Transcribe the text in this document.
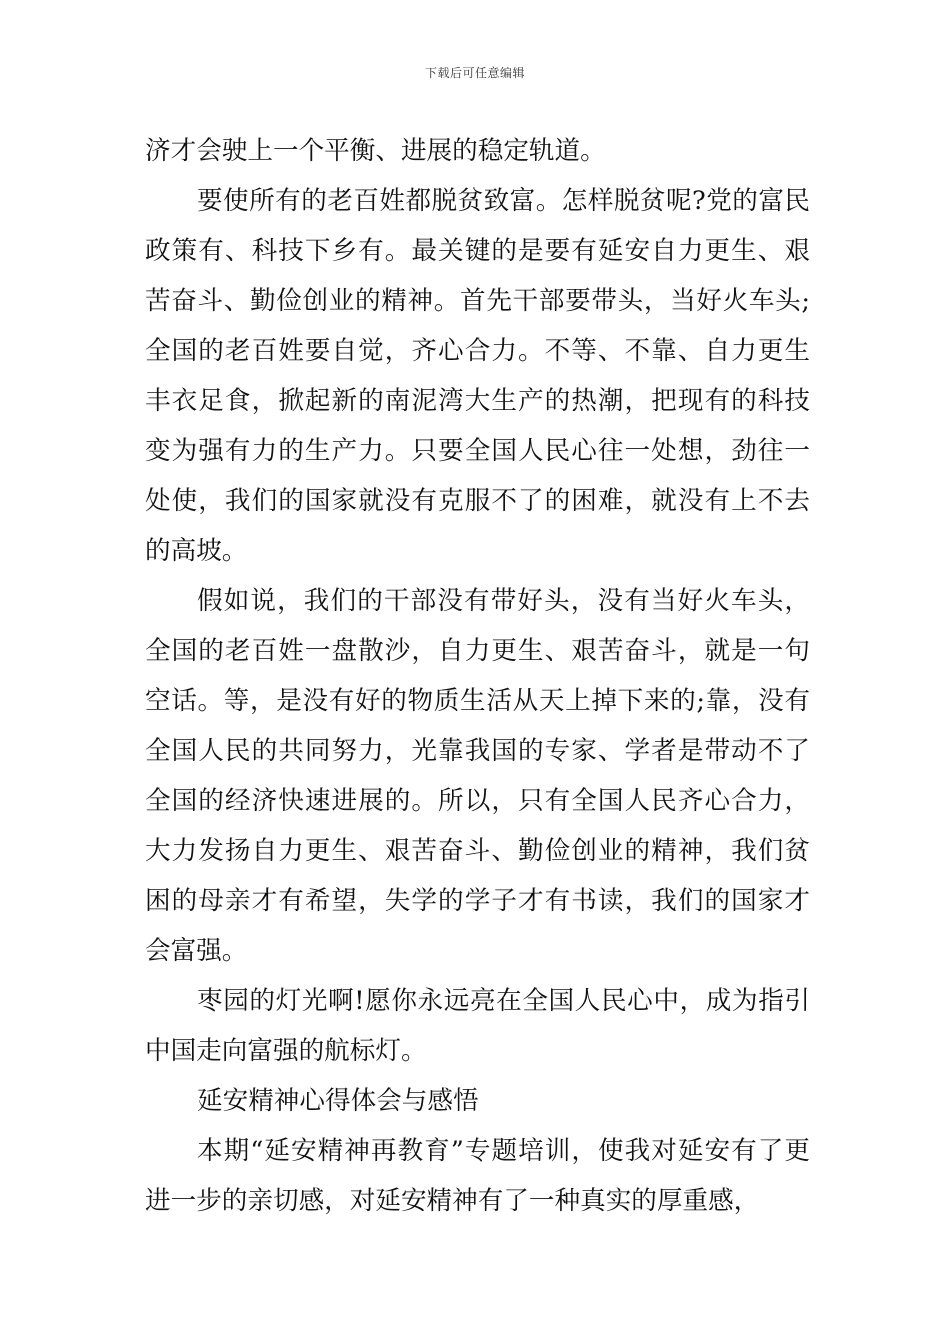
下载后可任意编辑

济才会驶上一个平衡、进展的稳定轨道。

要使所有的老百姓都脱贫致富。怎样脱贫呢?党的富民政策有、科技下乡有。最关键的是要有延安自力更生、艰苦奋斗、勤俭创业的精神。首先干部要带头，当好火车头;全国的老百姓要自觉，齐心合力。不等、不靠、自力更生丰衣足食，掀起新的南泥湾大生产的热潮，把现有的科技变为强有力的生产力。只要全国人民心往一处想，劲往一处使，我们的国家就没有克服不了的困难，就没有上不去的高坡。

假如说，我们的干部没有带好头，没有当好火车头，全国的老百姓一盘散沙，自力更生、艰苦奋斗，就是一句空话。等，是没有好的物质生活从天上掉下来的;靠，没有全国人民的共同努力，光靠我国的专家、学者是带动不了全国的经济快速进展的。所以，只有全国人民齐心合力，大力发扬自力更生、艰苦奋斗、勤俭创业的精神，我们贫困的母亲才有希望，失学的学子才有书读，我们的国家才会富强。

枣园的灯光啊!愿你永远亮在全国人民心中，成为指引中国走向富强的航标灯。

延安精神心得体会与感悟

本期“延安精神再教育”专题培训，使我对延安有了更进一步的亲切感，对延安精神有了一种真实的厚重感，
